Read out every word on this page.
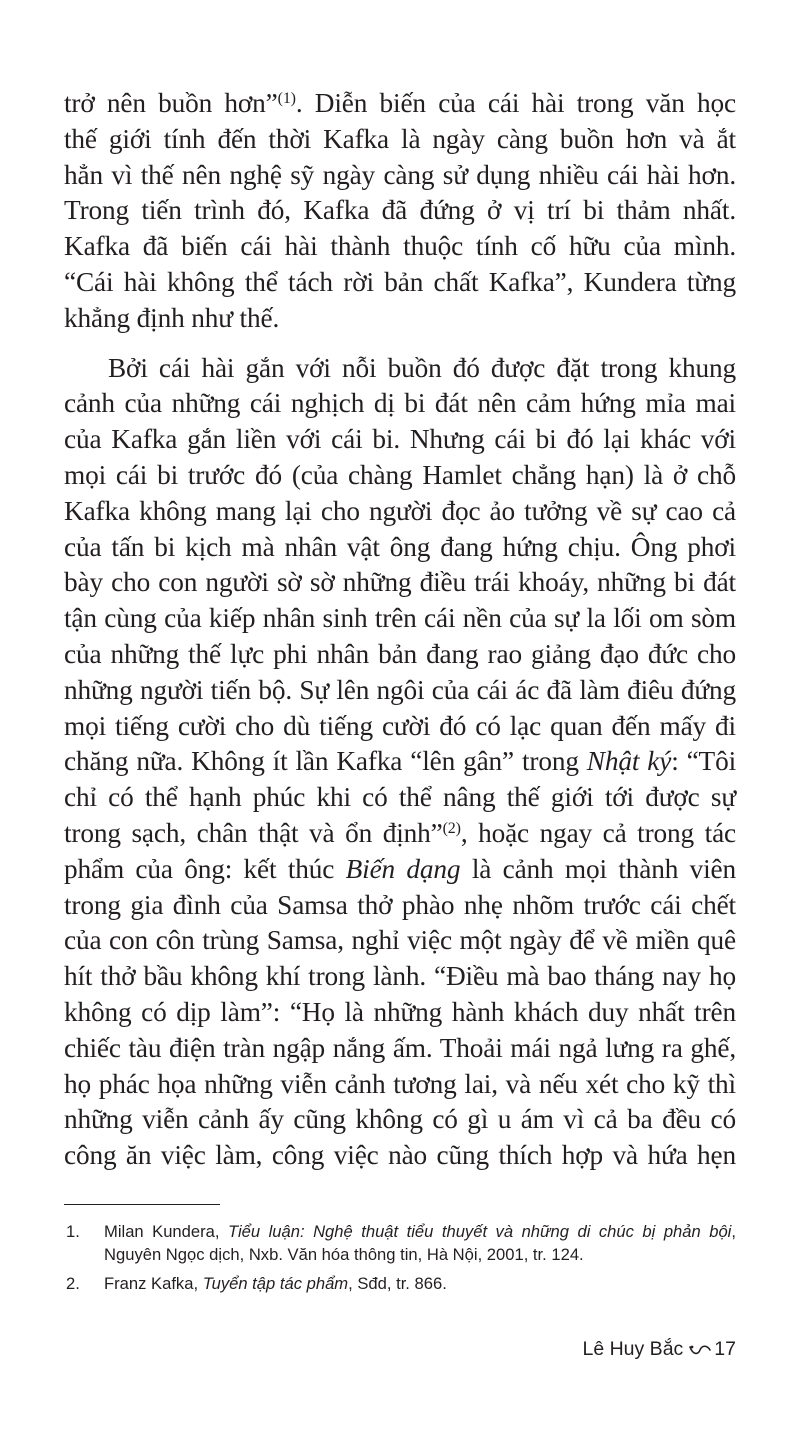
trở nên buồn hơn”$^{(1)}$. Diễn biến của cái hài trong văn học
thế giới tính đến thời Kafka là ngày càng buồn hơn và ắt
hẳn vì thế nên nghệ sỹ ngày càng sử dụng nhiều cái hài hơn.
Trong tiến trình đó, Kafka đã đứng ở vị trí bi thảm nhất.
Kafka đã biến cái hài thành thuộc tính cố hữu của mình.
“Cái hài không thể tách rời bản chất Kafka”, Kundera từng
khẳng định như thế.
Bởi cái hài gắn với nỗi buồn đó được đặt trong khung
cảnh của những cái nghịch dị bi đát nên cảm hứng mỉa mai
của Kafka gắn liền với cái bi. Nhưng cái bi đó lại khác với
mọi cái bi trước đó (của chàng Hamlet chẳng hạn) là ở chỗ
Kafka không mang lại cho người đọc ảo tưởng về sự cao cả
của tấn bi kịch mà nhân vật ông đang hứng chịu. Ông phơi
bày cho con người sờ sờ những điều trái khoáy, những bi đát
tận cùng của kiếp nhân sinh trên cái nền của sự la lối om sòm
của những thế lực phi nhân bản đang rao giảng đạo đức cho
những người tiến bộ. Sự lên ngôi của cái ác đã làm điêu đứng
mọi tiếng cười cho dù tiếng cười đó có lạc quan đến mấy đi
chăng nữa. Không ít lần Kafka “lên gân” trong Nhật ký: “Tôi
chỉ có thể hạnh phúc khi có thể nâng thế giới tới được sự
trong sạch, chân thật và ổn định”$^{(2)}$, hoặc ngay cả trong tác
phẩm của ông: kết thúc Biến dạng là cảnh mọi thành viên
trong gia đình của Samsa thở phào nhẹ nhõm trước cái chết
của con côn trùng Samsa, nghỉ việc một ngày để về miền quê
hít thở bầu không khí trong lành. “Điều mà bao tháng nay họ
không có dịp làm”: “Họ là những hành khách duy nhất trên
chiếc tàu điện tràn ngập nắng ấm. Thoải mái ngả lưng ra ghế,
họ phác họa những viễn cảnh tương lai, và nếu xét cho kỹ thì
những viễn cảnh ấy cũng không có gì u ám vì cả ba đều có
công ăn việc làm, công việc nào cũng thích hợp và hứa hẹn
1. Milan Kundera, Tiểu luận: Nghệ thuật tiểu thuyết và những di chúc bị phản bội,
Nguyên Ngọc dịch, Nxb. Văn hóa thông tin, Hà Nội, 2001, tr. 124.
2. Franz Kafka, Tuyển tập tác phẩm, Sđd, tr. 866.
Lê Huy Bắc 17
